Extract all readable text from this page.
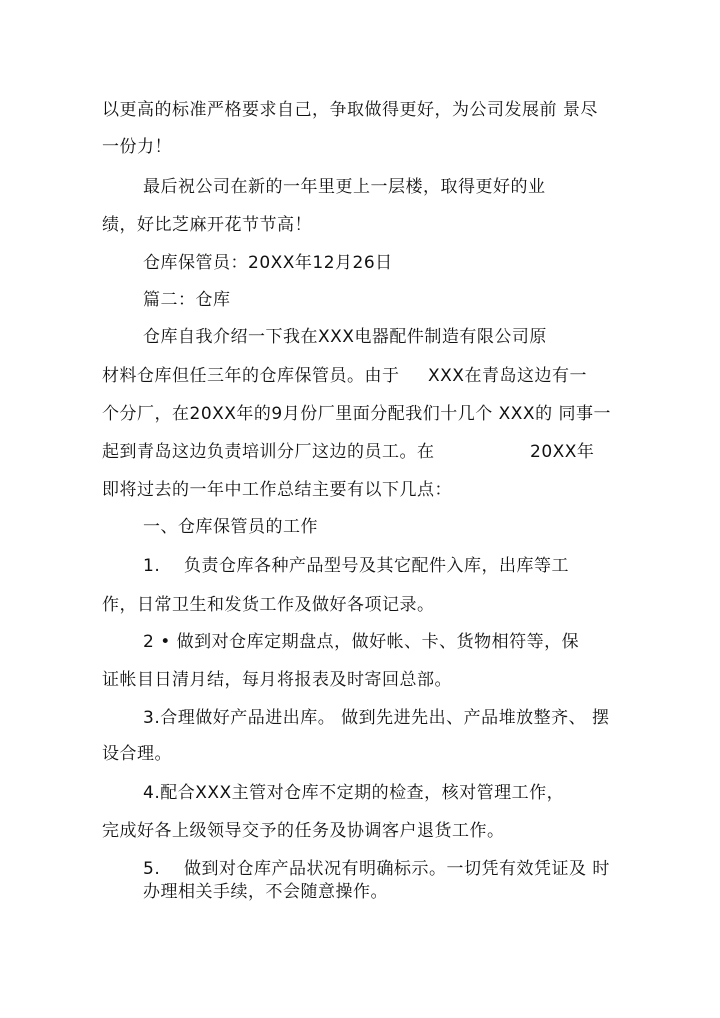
以更高的标准严格要求自己，争取做得更好，为公司发展前 景尽
一份力！
最后祝公司在新的一年里更上一层楼，取得更好的业
绩，好比芝麻开花节节高！
仓库保管员：20XX年12月26日
篇二：仓库
仓库自我介绍一下我在XXX电器配件制造有限公司原
材料仓库但任三年的仓库保管员。由于 XXX在青岛这边有一
个分厂，在20XX年的9月份厂里面分配我们十几个 XXX的 同事一
起到青岛这边负责培训分厂这边的员工。在	20XX年
即将过去的一年中工作总结主要有以下几点：
一、仓库保管员的工作
1. 负责仓库各种产品型号及其它配件入库，出库等工
作，日常卫生和发货工作及做好各项记录。
2 • 做到对仓库定期盘点，做好帐、卡、货物相符等，保
证帐目日清月结，每月将报表及时寄回总部。
3.合理做好产品进出库。 做到先进先出、产品堆放整齐、 摆
设合理。
4.配合XXX主管对仓库不定期的检查，核对管理工作，
完成好各上级领导交予的任务及协调客户退货工作。
5. 做到对仓库产品状况有明确标示。一切凭有效凭证及 时
办理相关手续，不会随意操作。
